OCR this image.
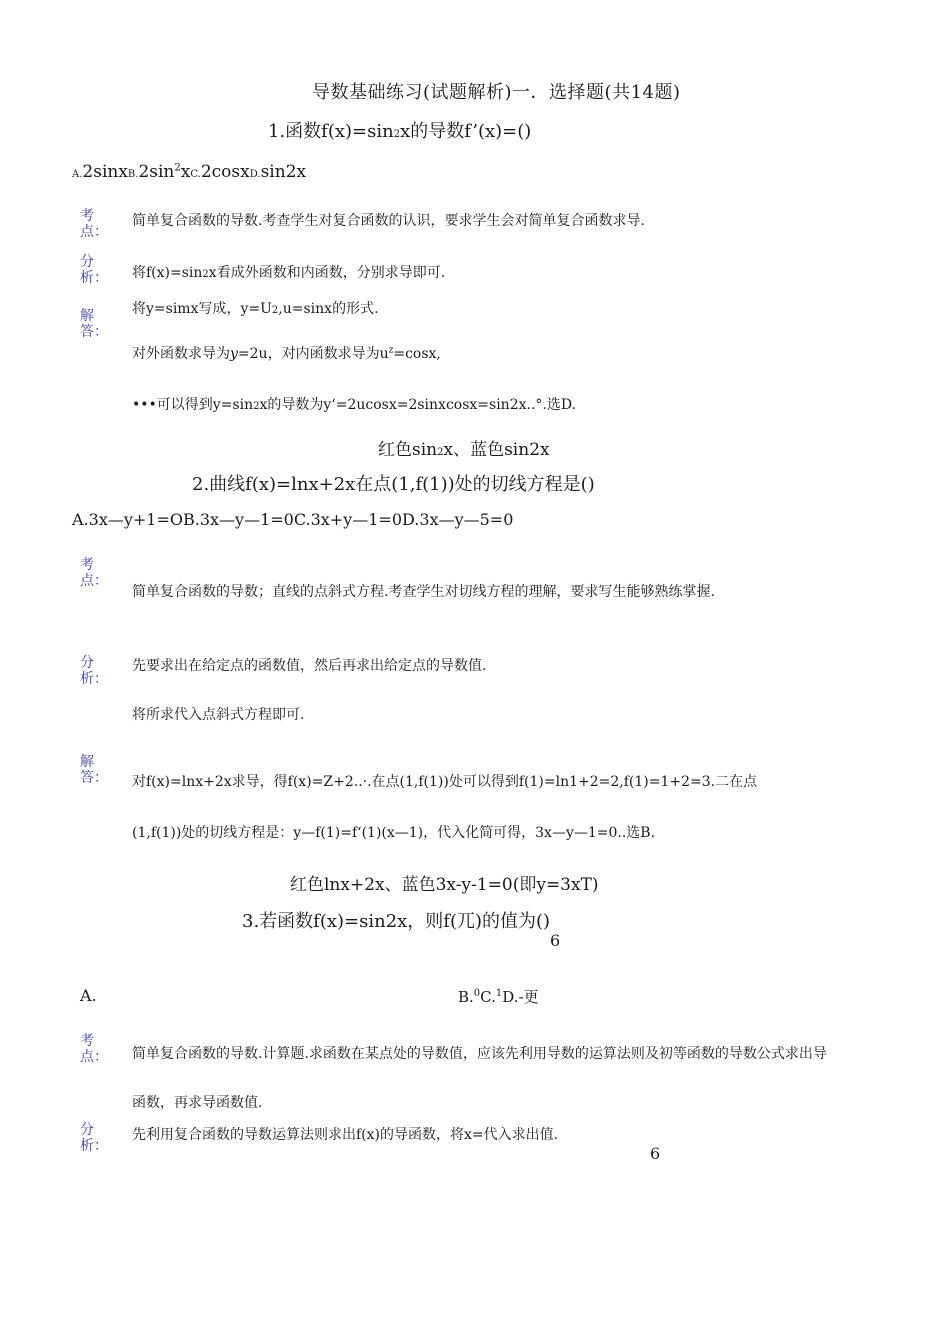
导数基础练习(试题解析)一．选择题(共14题)
1.函数f(x)=sin2x的导数f’(x)=()
$A.2sinxB.2\sin^2xC.2cosxD.\sin 2x$
考点：
简单复合函数的导数.考查学生对复合函数的认识，要求学生会对简单复合函数求导.
分析： 将f(x)=sin2x看成外函数和内函数，分别求导即可.
解答：
将y=simx写成，y=U2,u=sinx的形式.
对外函数求导为y=2u，对内函数求导为$u^z=\cos x$,
•••可以得到y=sin2x的导数为y‘=2ucosx=2sinxcosx=sin2x..°.选D.
红色sin2x、蓝色sin2x
2.曲线f(x)=lnx+2x在点(1,f(1))处的切线方程是()
A.3x—y+1=OB.3x—y—1=0C.3x+y—1=0D.3x—y—5=0
考点：
简单复合函数的导数；直线的点斜式方程.考查学生对切线方程的理解，要求写生能够熟练掌握.
分析：
先要求出在给定点的函数值，然后再求出给定点的导数值.
将所求代入点斜式方程即可.
解答： 对f(x)=lnx+2x求导，得f(x)=Z+2..·.在点(1,f(1))处可以得到f(1)=ln1+2=2,f(1)=1+2=3.二在点
(1,f(1))处的切线方程是：y—f(1)=f‘(1)(x—1)，代入化简可得，3x—y—1=0..选B.
红色lnx+2x、蓝色3x-y-1=0(即y=3xT)
3.若函数f(x)=sin2x，则f(兀)的值为()
6
A.	B.$^0$C.$^1$D.-更
考点： 简单复合函数的导数.计算题.求函数在某点处的导数值，应该先利用导数的运算法则及初等函数的导数公式求出导
函数，再求导函数值.
分析：
先利用复合函数的导数运算法则求出f(x)的导函数，将x=代入求出值.
6
